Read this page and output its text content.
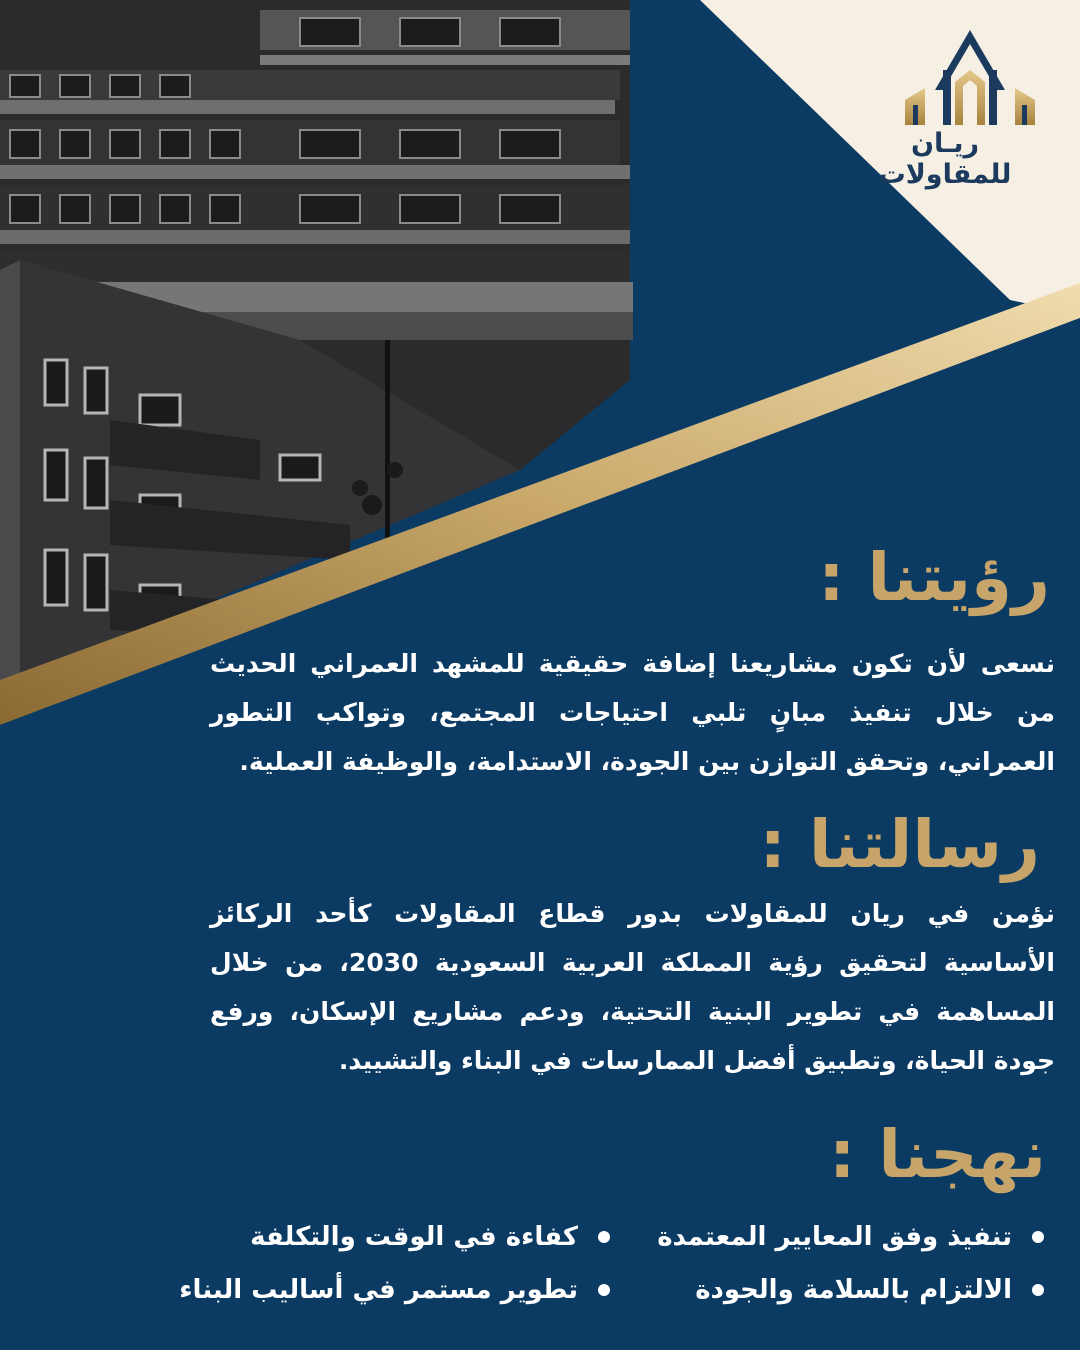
ريـان للمقاولات
رؤيتنا :
نسعى لأن تكون مشاريعنا إضافة حقيقية للمشهد العمراني الحديث من خلال تنفيذ مبانٍ تلبي احتياجات المجتمع، وتواكب التطور العمراني، وتحقق التوازن بين الجودة، الاستدامة، والوظيفة العملية.
رسالتنا :
نؤمن في ريان للمقاولات بدور قطاع المقاولات كأحد الركائز الأساسية لتحقيق رؤية المملكة العربية السعودية 2030، من خلال المساهمة في تطوير البنية التحتية، ودعم مشاريع الإسكان، ورفع جودة الحياة، وتطبيق أفضل الممارسات في البناء والتشييد.
نهجنا :
تنفيذ وفق المعايير المعتمدة
كفاءة في الوقت والتكلفة
الالتزام بالسلامة والجودة
تطوير مستمر في أساليب البناء
